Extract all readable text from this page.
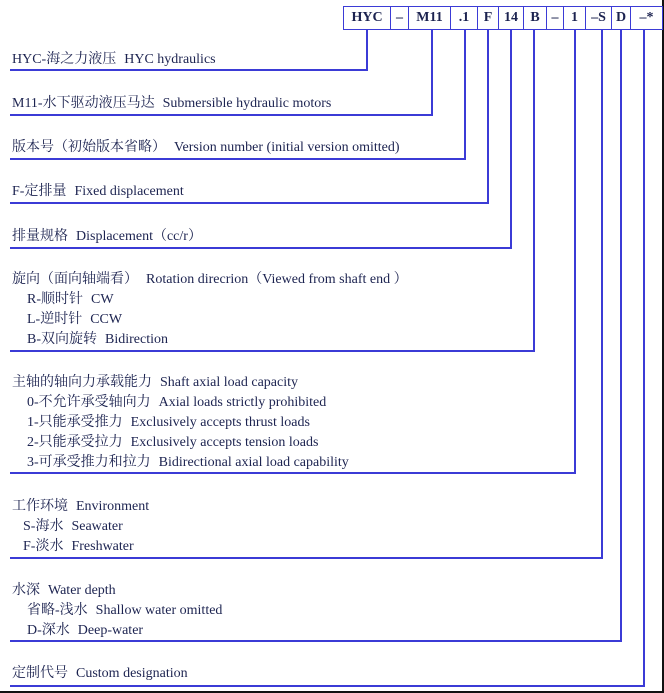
HYC – M11	.1	F 14 B – 1 –S D –*
HYC-海之力液压 HYC hydraulics
M11-水下驱动液压马达 Submersible hydraulic motors
版本号（初始版本省略） Version number (initial version omitted)
F-定排量 Fixed displacement
排量规格 Displacement（cc/r）
旋向（面向轴端看） Rotation direcrion（Viewed from shaft end ）
R-顺时针 CW
L-逆时针 CCW
B-双向旋转 Bidirection
主轴的轴向力承载能力 Shaft axial load capacity
0-不允许承受轴向力 Axial loads strictly prohibited
1-只能承受推力 Exclusively accepts thrust loads
2-只能承受拉力 Exclusively accepts tension loads
3-可承受推力和拉力 Bidirectional axial load capability
工作环境 Environment
S-海水 Seawater
F-淡水 Freshwater
水深 Water depth
省略-浅水 Shallow water omitted
D-深水 Deep-water
定制代号 Custom designation
